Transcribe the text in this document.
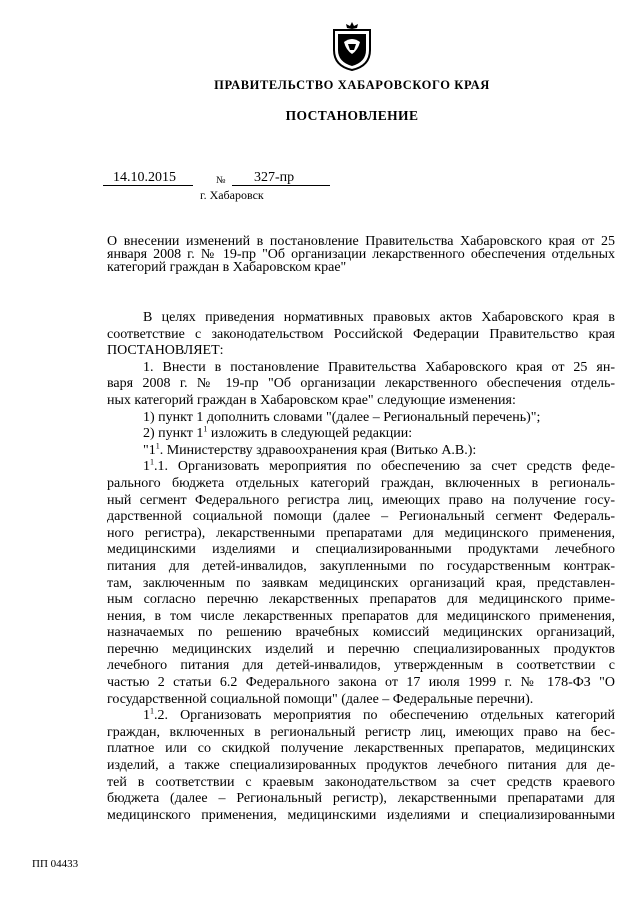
ПРАВИТЕЛЬСТВО ХАБАРОВСКОГО КРАЯ
ПОСТАНОВЛЕНИЕ
14.10.2015	№	327-пр
г. Хабаровск
О внесении изменений в постановление Правительства Хабаровского края от 25 января 2008 г. № 19-пр "Об организации лекарственного обеспечения отдельных категорий граждан в Хабаровском крае"

В целях приведения нормативных правовых актов Хабаровского края в

соответствие с законодательством Российской Федерации Правительство края

ПОСТАНОВЛЯЕТ:

1. Внести в постановление Правительства Хабаровского края от 25 ян-

варя 2008 г. № 19-пр "Об организации лекарственного обеспечения отдель-

ных категорий граждан в Хабаровском крае" следующие изменения:

1) пункт 1 дополнить словами "(далее – Региональный перечень)";

2) пункт $1^1$ изложить в следующей редакции:

"$1^1$. Министерству здравоохранения края (Витько А.В.):

$1^1.1$. Организовать мероприятия по обеспечению за счет средств феде-

рального бюджета отдельных категорий граждан, включенных в региональ-

ный сегмент Федерального регистра лиц, имеющих право на получение госу-

дарственной социальной помощи (далее – Региональный сегмент Федераль-

ного регистра), лекарственными препаратами для медицинского применения,

медицинскими изделиями и специализированными продуктами лечебного

питания для детей-инвалидов, закупленными по государственным контрак-

там, заключенным по заявкам медицинских организаций края, представлен-

ным согласно перечню лекарственных препаратов для медицинского приме-

нения, в том числе лекарственных препаратов для медицинского применения,

назначаемых по решению врачебных комиссий медицинских организаций,

перечню медицинских изделий и перечню специализированных продуктов

лечебного питания для детей-инвалидов, утвержденным в соответствии с

частью 2 статьи 6.2 Федерального закона от 17 июля 1999 г. № 178-ФЗ "О

государственной социальной помощи" (далее – Федеральные перечни).

$1^1.2$. Организовать мероприятия по обеспечению отдельных категорий

граждан, включенных в региональный регистр лиц, имеющих право на бес-

платное или со скидкой получение лекарственных препаратов, медицинских

изделий, а также специализированных продуктов лечебного питания для де-

тей в соответствии с краевым законодательством за счет средств краевого

бюджета (далее – Региональный регистр), лекарственными препаратами для

медицинского применения, медицинскими изделиями и специализированными

ПП 04433
